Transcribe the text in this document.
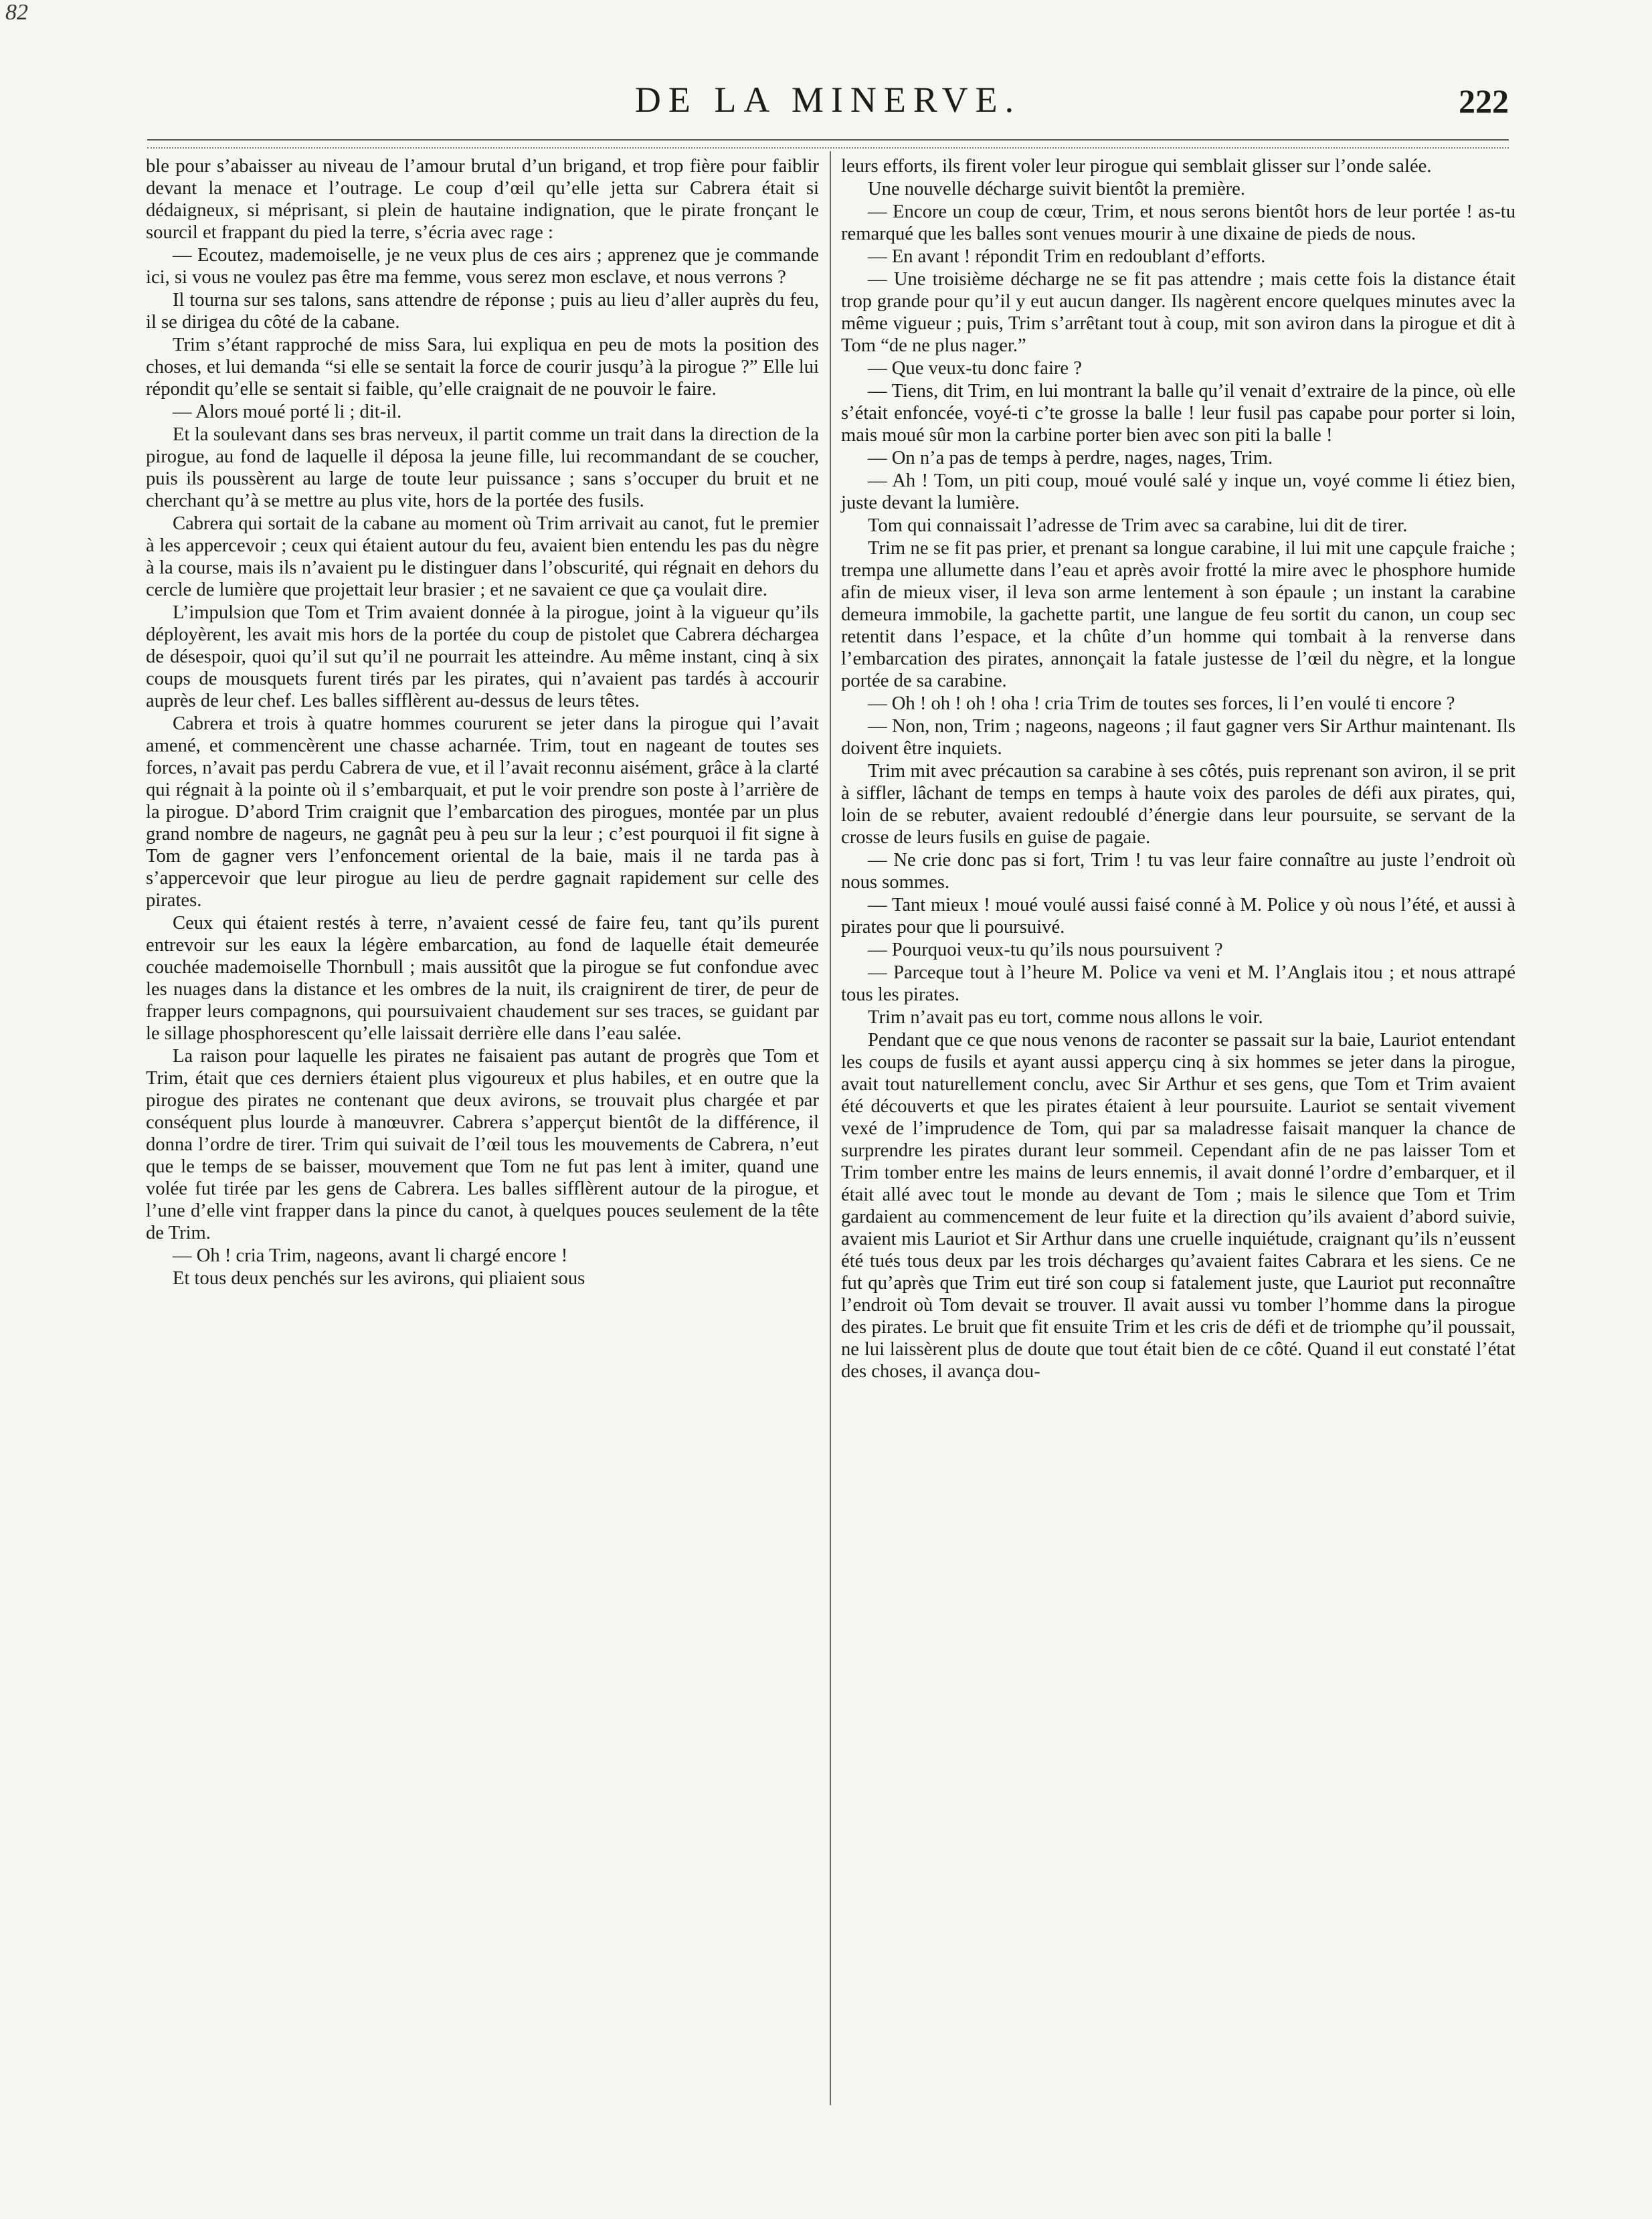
82
DE LA MINERVE.	222

ble pour s’abaisser au niveau de l’amour brutal d’un brigand, et trop fière pour faiblir devant la menace et l’outrage. Le coup d’œil qu’elle jetta sur Cabrera était si dédaigneux, si méprisant, si plein de hautaine indignation, que le pirate fronçant le sourcil et frappant du pied la terre, s’écria avec rage :

— Ecoutez, mademoiselle, je ne veux plus de ces airs ; apprenez que je commande ici, si vous ne voulez pas être ma femme, vous serez mon esclave, et nous verrons ?

Il tourna sur ses talons, sans attendre de réponse ; puis au lieu d’aller auprès du feu, il se dirigea du côté de la cabane.

Trim s’étant rapproché de miss Sara, lui expliqua en peu de mots la position des choses, et lui demanda “si elle se sentait la force de courir jusqu’à la pirogue ?” Elle lui répondit qu’elle se sentait si faible, qu’elle craignait de ne pouvoir le faire.

— Alors moué porté li ; dit-il.

Et la soulevant dans ses bras nerveux, il partit comme un trait dans la direction de la pirogue, au fond de laquelle il déposa la jeune fille, lui recommandant de se coucher, puis ils poussèrent au large de toute leur puissance ; sans s’occuper du bruit et ne cherchant qu’à se mettre au plus vite, hors de la portée des fusils.

Cabrera qui sortait de la cabane au moment où Trim arrivait au canot, fut le premier à les appercevoir ; ceux qui étaient autour du feu, avaient bien entendu les pas du nègre à la course, mais ils n’avaient pu le distinguer dans l’obscurité, qui régnait en dehors du cercle de lumière que projettait leur brasier ; et ne savaient ce que ça voulait dire.

L’impulsion que Tom et Trim avaient donnée à la pirogue, joint à la vigueur qu’ils déployèrent, les avait mis hors de la portée du coup de pistolet que Cabrera déchargea de désespoir, quoi qu’il sut qu’il ne pourrait les atteindre. Au même instant, cinq à six coups de mousquets furent tirés par les pirates, qui n’avaient pas tardés à accourir auprès de leur chef. Les balles sifflèrent au-dessus de leurs têtes.

Cabrera et trois à quatre hommes coururent se jeter dans la pirogue qui l’avait amené, et commencèrent une chasse acharnée. Trim, tout en nageant de toutes ses forces, n’avait pas perdu Cabrera de vue, et il l’avait reconnu aisément, grâce à la clarté qui régnait à la pointe où il s’embarquait, et put le voir prendre son poste à l’arrière de la pirogue. D’abord Trim craignit que l’embarcation des pirogues, montée par un plus grand nombre de nageurs, ne gagnât peu à peu sur la leur ; c’est pourquoi il fit signe à Tom de gagner vers l’enfoncement oriental de la baie, mais il ne tarda pas à s’appercevoir que leur pirogue au lieu de perdre gagnait rapidement sur celle des pirates.

Ceux qui étaient restés à terre, n’avaient cessé de faire feu, tant qu’ils purent entrevoir sur les eaux la légère embarcation, au fond de laquelle était demeurée couchée mademoiselle Thornbull ; mais aussitôt que la pirogue se fut confondue avec les nuages dans la distance et les ombres de la nuit, ils craignirent de tirer, de peur de frapper leurs compagnons, qui poursuivaient chaudement sur ses traces, se guidant par le sillage phosphorescent qu’elle laissait derrière elle dans l’eau salée.

La raison pour laquelle les pirates ne faisaient pas autant de progrès que Tom et Trim, était que ces derniers étaient plus vigoureux et plus habiles, et en outre que la pirogue des pirates ne contenant que deux avirons, se trouvait plus chargée et par conséquent plus lourde à manœuvrer. Cabrera s’apperçut bientôt de la différence, il donna l’ordre de tirer. Trim qui suivait de l’œil tous les mouvements de Cabrera, n’eut que le temps de se baisser, mouvement que Tom ne fut pas lent à imiter, quand une volée fut tirée par les gens de Cabrera. Les balles sifflèrent autour de la pirogue, et l’une d’elle vint frapper dans la pince du canot, à quelques pouces seulement de la tête de Trim.

— Oh ! cria Trim, nageons, avant li chargé encore !

Et tous deux penchés sur les avirons, qui pliaient sous

leurs efforts, ils firent voler leur pirogue qui semblait glisser sur l’onde salée.

Une nouvelle décharge suivit bientôt la première.

— Encore un coup de cœur, Trim, et nous serons bientôt hors de leur portée ! as-tu remarqué que les balles sont venues mourir à une dixaine de pieds de nous.

— En avant ! répondit Trim en redoublant d’efforts.

— Une troisième décharge ne se fit pas attendre ; mais cette fois la distance était trop grande pour qu’il y eut aucun danger. Ils nagèrent encore quelques minutes avec la même vigueur ; puis, Trim s’arrêtant tout à coup, mit son aviron dans la pirogue et dit à Tom “de ne plus nager.”

— Que veux-tu donc faire ?

— Tiens, dit Trim, en lui montrant la balle qu’il venait d’extraire de la pince, où elle s’était enfoncée, voyé-ti c’te grosse la balle ! leur fusil pas capabe pour porter si loin, mais moué sûr mon la carbine porter bien avec son piti la balle !

— On n’a pas de temps à perdre, nages, nages, Trim.

— Ah ! Tom, un piti coup, moué voulé salé y inque un, voyé comme li étiez bien, juste devant la lumière.

Tom qui connaissait l’adresse de Trim avec sa carabine, lui dit de tirer.

Trim ne se fit pas prier, et prenant sa longue carabine, il lui mit une capçule fraiche ; trempa une allumette dans l’eau et après avoir frotté la mire avec le phosphore humide afin de mieux viser, il leva son arme lentement à son épaule ; un instant la carabine demeura immobile, la gachette partit, une langue de feu sortit du canon, un coup sec retentit dans l’espace, et la chûte d’un homme qui tombait à la renverse dans l’embarcation des pirates, annonçait la fatale justesse de l’œil du nègre, et la longue portée de sa carabine.

— Oh ! oh ! oh ! oha ! cria Trim de toutes ses forces, li l’en voulé ti encore ?

— Non, non, Trim ; nageons, nageons ; il faut gagner vers Sir Arthur maintenant. Ils doivent être inquiets.

Trim mit avec précaution sa carabine à ses côtés, puis reprenant son aviron, il se prit à siffler, lâchant de temps en temps à haute voix des paroles de défi aux pirates, qui, loin de se rebuter, avaient redoublé d’énergie dans leur poursuite, se servant de la crosse de leurs fusils en guise de pagaie.

— Ne crie donc pas si fort, Trim ! tu vas leur faire connaître au juste l’endroit où nous sommes.

— Tant mieux ! moué voulé aussi faisé conné à M. Police y où nous l’été, et aussi à pirates pour que li poursuivé.

— Pourquoi veux-tu qu’ils nous poursuivent ?

— Parceque tout à l’heure M. Police va veni et M. l’Anglais itou ; et nous attrapé tous les pirates.

Trim n’avait pas eu tort, comme nous allons le voir.

Pendant que ce que nous venons de raconter se passait sur la baie, Lauriot entendant les coups de fusils et ayant aussi apperçu cinq à six hommes se jeter dans la pirogue, avait tout naturellement conclu, avec Sir Arthur et ses gens, que Tom et Trim avaient été découverts et que les pirates étaient à leur poursuite. Lauriot se sentait vivement vexé de l’imprudence de Tom, qui par sa maladresse faisait manquer la chance de surprendre les pirates durant leur sommeil. Cependant afin de ne pas laisser Tom et Trim tomber entre les mains de leurs ennemis, il avait donné l’ordre d’embarquer, et il était allé avec tout le monde au devant de Tom ; mais le silence que Tom et Trim gardaient au commencement de leur fuite et la direction qu’ils avaient d’abord suivie, avaient mis Lauriot et Sir Arthur dans une cruelle inquiétude, craignant qu’ils n’eussent été tués tous deux par les trois décharges qu’avaient faites Cabrara et les siens. Ce ne fut qu’après que Trim eut tiré son coup si fatalement juste, que Lauriot put reconnaître l’endroit où Tom devait se trouver. Il avait aussi vu tomber l’homme dans la pirogue des pirates. Le bruit que fit ensuite Trim et les cris de défi et de triomphe qu’il poussait, ne lui laissèrent plus de doute que tout était bien de ce côté. Quand il eut constaté l’état des choses, il avança dou-
